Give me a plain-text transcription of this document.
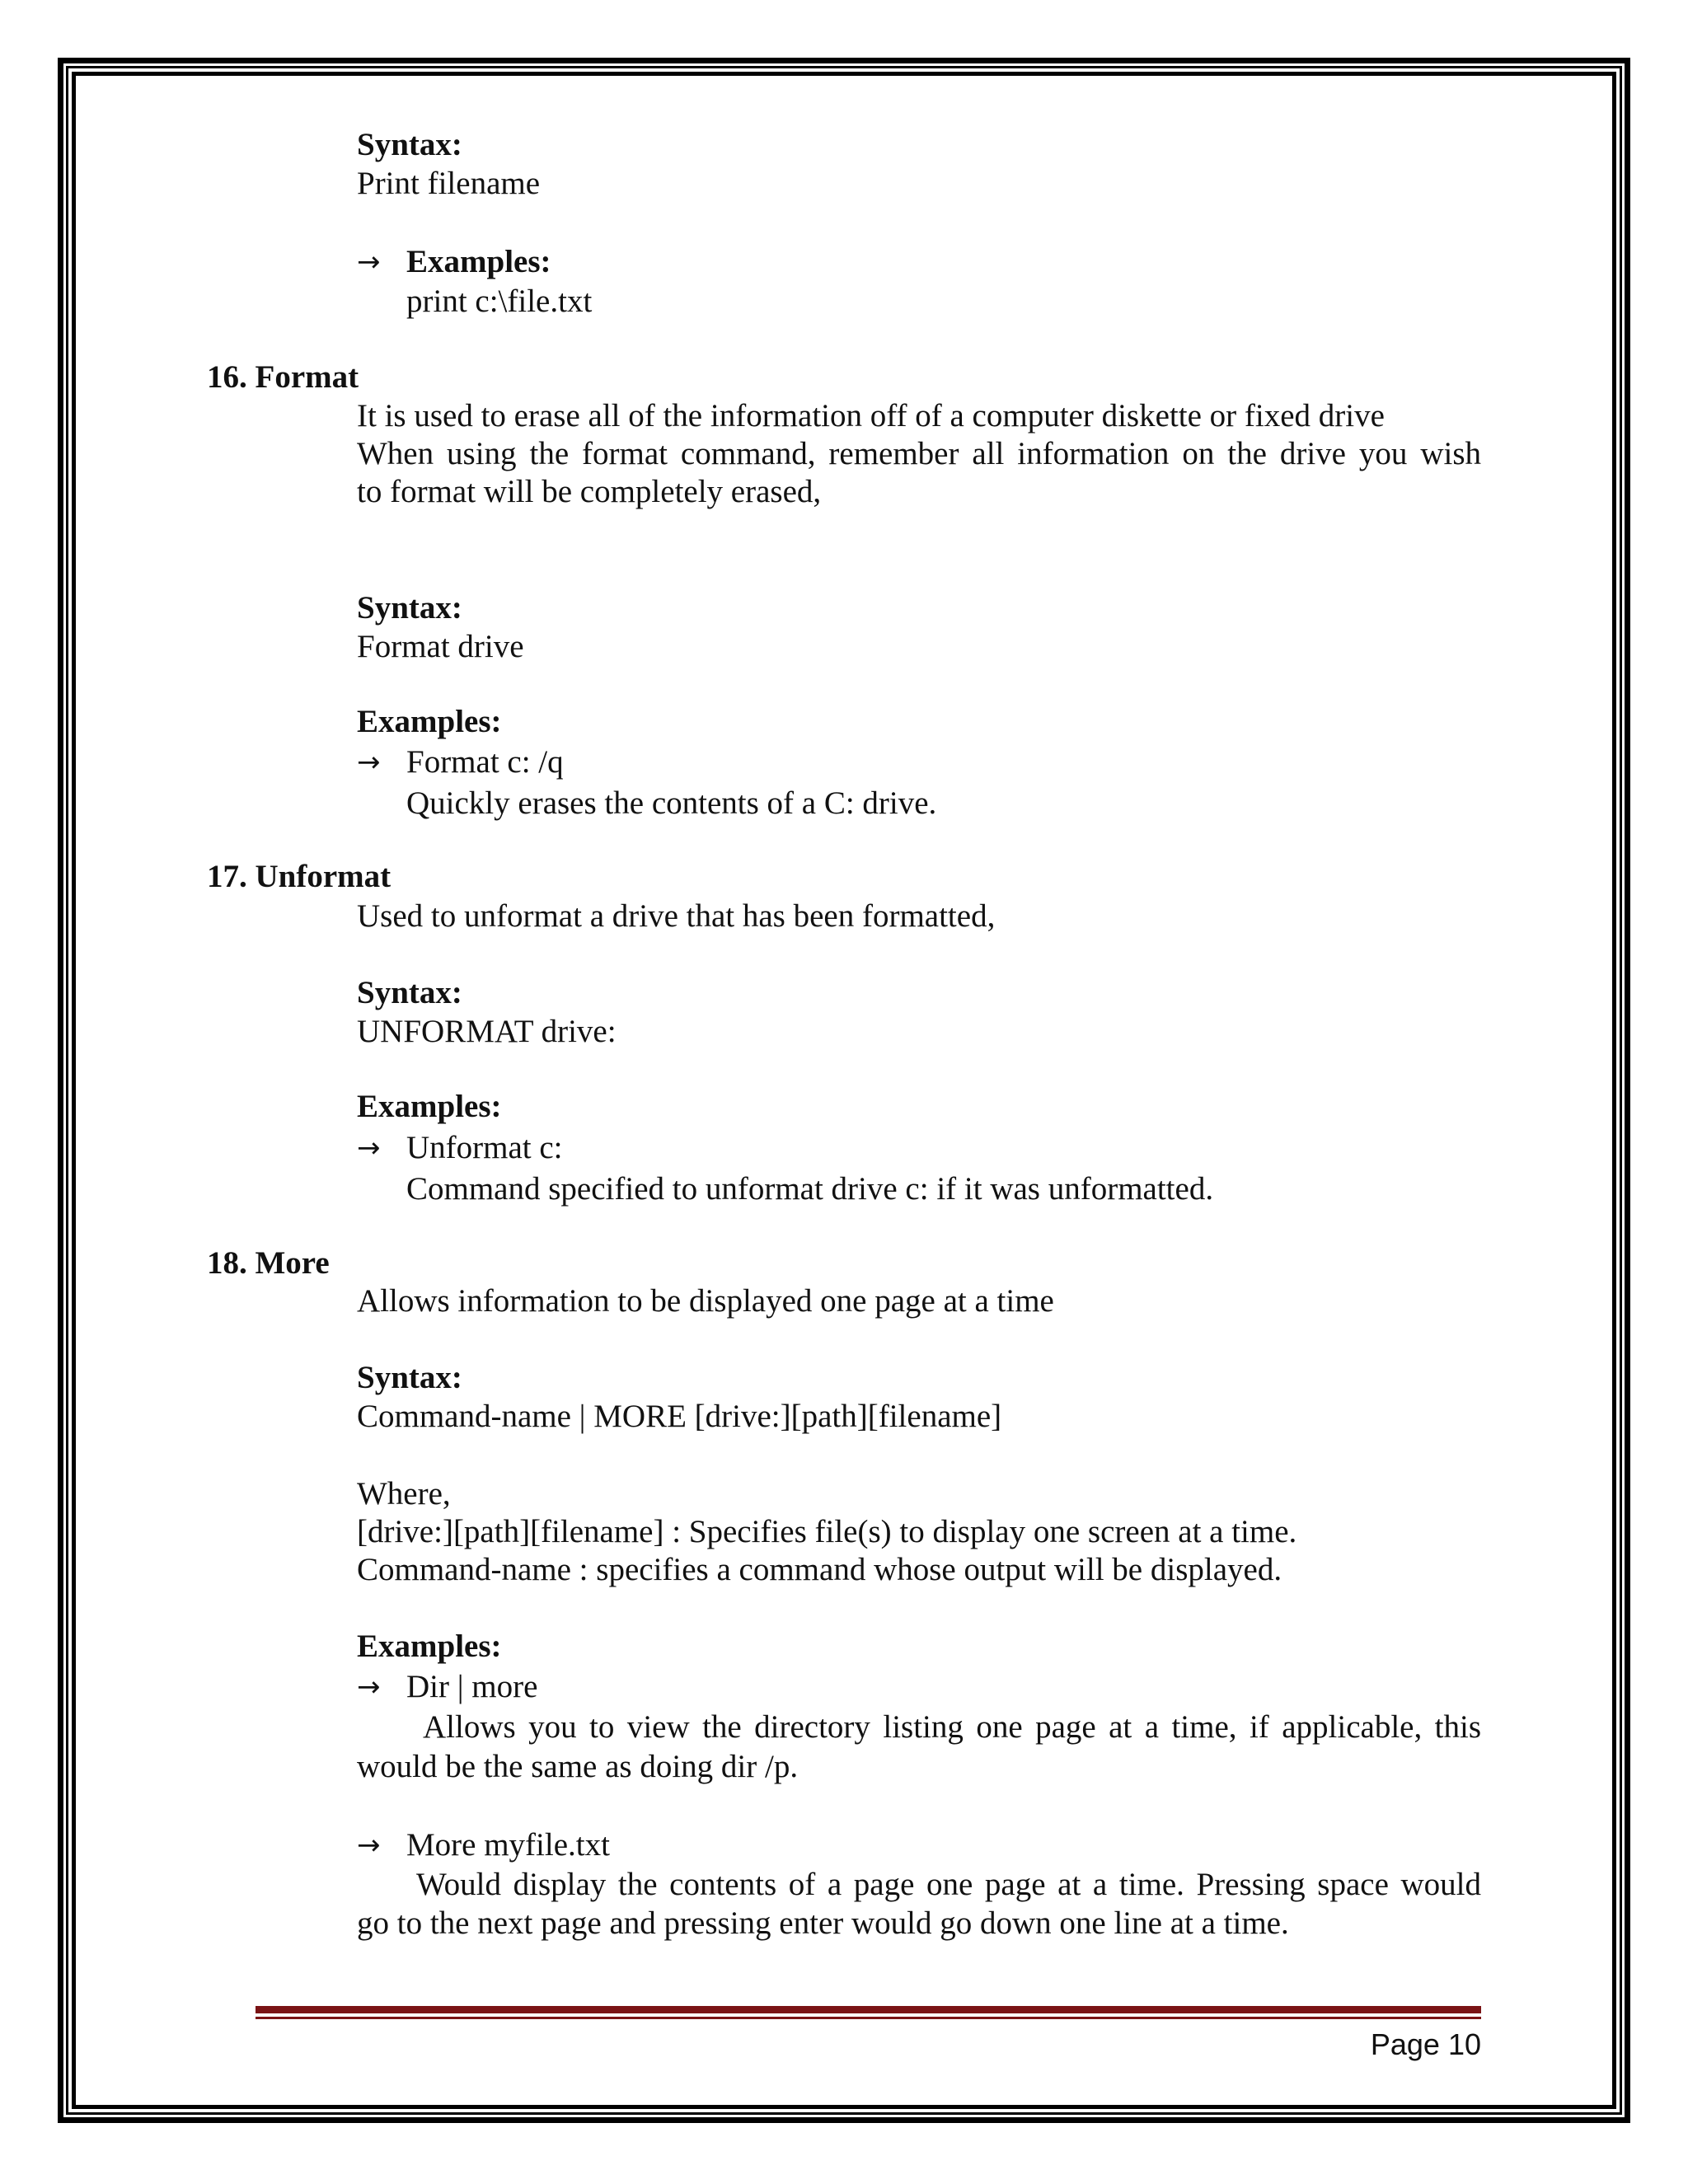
Syntax:

Print filename

→ Examples:

print c:\file.txt

16. Format

It is used to erase all of the information off of a computer diskette or fixed drive

When using the format command, remember all information on the drive you wish

to format will be completely erased,

Syntax:

Format drive

Examples:

→ Format c: /q

Quickly erases the contents of a C: drive.

17. Unformat

Used to unformat a drive that has been formatted,

Syntax:

UNFORMAT drive:

Examples:

→ Unformat c:

Command specified to unformat drive c: if it was unformatted.

18. More

Allows information to be displayed one page at a time

Syntax:

Command-name | MORE [drive:][path][filename]

Where,

[drive:][path][filename] : Specifies file(s) to display one screen at a time.

Command-name : specifies a command whose output will be displayed.

Examples:

→ Dir | more

Allows you to view the directory listing one page at a time, if applicable, this

would be the same as doing dir /p.

→ More myfile.txt

Would display the contents of a page one page at a time. Pressing space would

go to the next page and pressing enter would go down one line at a time.

Page 10
